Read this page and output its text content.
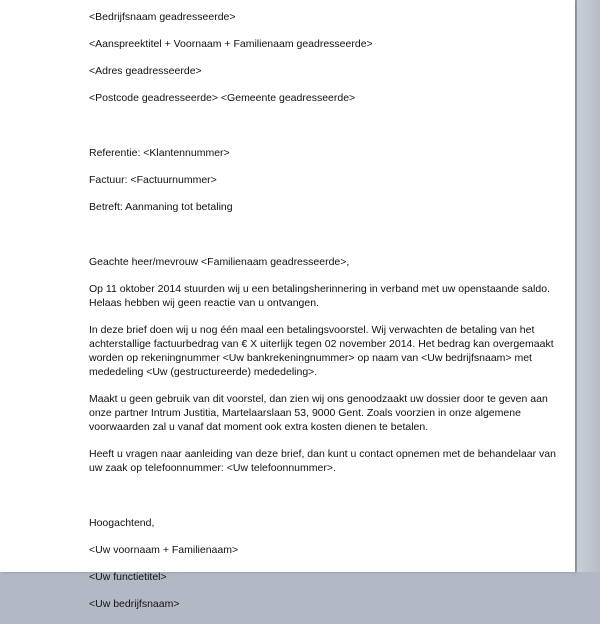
<Bedrijfsnaam geadresseerde>

<Aanspreektitel + Voornaam + Familienaam geadresseerde>

<Adres geadresseerde>

<Postcode geadresseerde> <Gemeente geadresseerde>

Referentie: <Klantennummer>

Factuur: <Factuurnummer>

Betreft: Aanmaning tot betaling

Geachte heer/mevrouw <Familienaam geadresseerde>,

Op 11 oktober 2014 stuurden wij u een betalingsherinnering in verband met uw openstaande saldo. Helaas hebben wij geen reactie van u ontvangen.

In deze brief doen wij u nog één maal een betalingsvoorstel. Wij verwachten de betaling van het achterstallige factuurbedrag van € X uiterlijk tegen 02 november 2014. Het bedrag kan overgemaakt worden op rekeningnummer <Uw bankrekeningnummer> op naam van <Uw bedrijfsnaam> met mededeling <Uw (gestructureerde) mededeling>.

Maakt u geen gebruik van dit voorstel, dan zien wij ons genoodzaakt uw dossier door te geven aan onze partner Intrum Justitia, Martelaarslaan 53, 9000 Gent. Zoals voorzien in onze algemene voorwaarden zal u vanaf dat moment ook extra kosten dienen te betalen.

Heeft u vragen naar aanleiding van deze brief, dan kunt u contact opnemen met de behandelaar van uw zaak op telefoonnummer: <Uw telefoonnummer>.

Hoogachtend,

<Uw voornaam + Familienaam>

<Uw functietitel>

<Uw bedrijfsnaam>
